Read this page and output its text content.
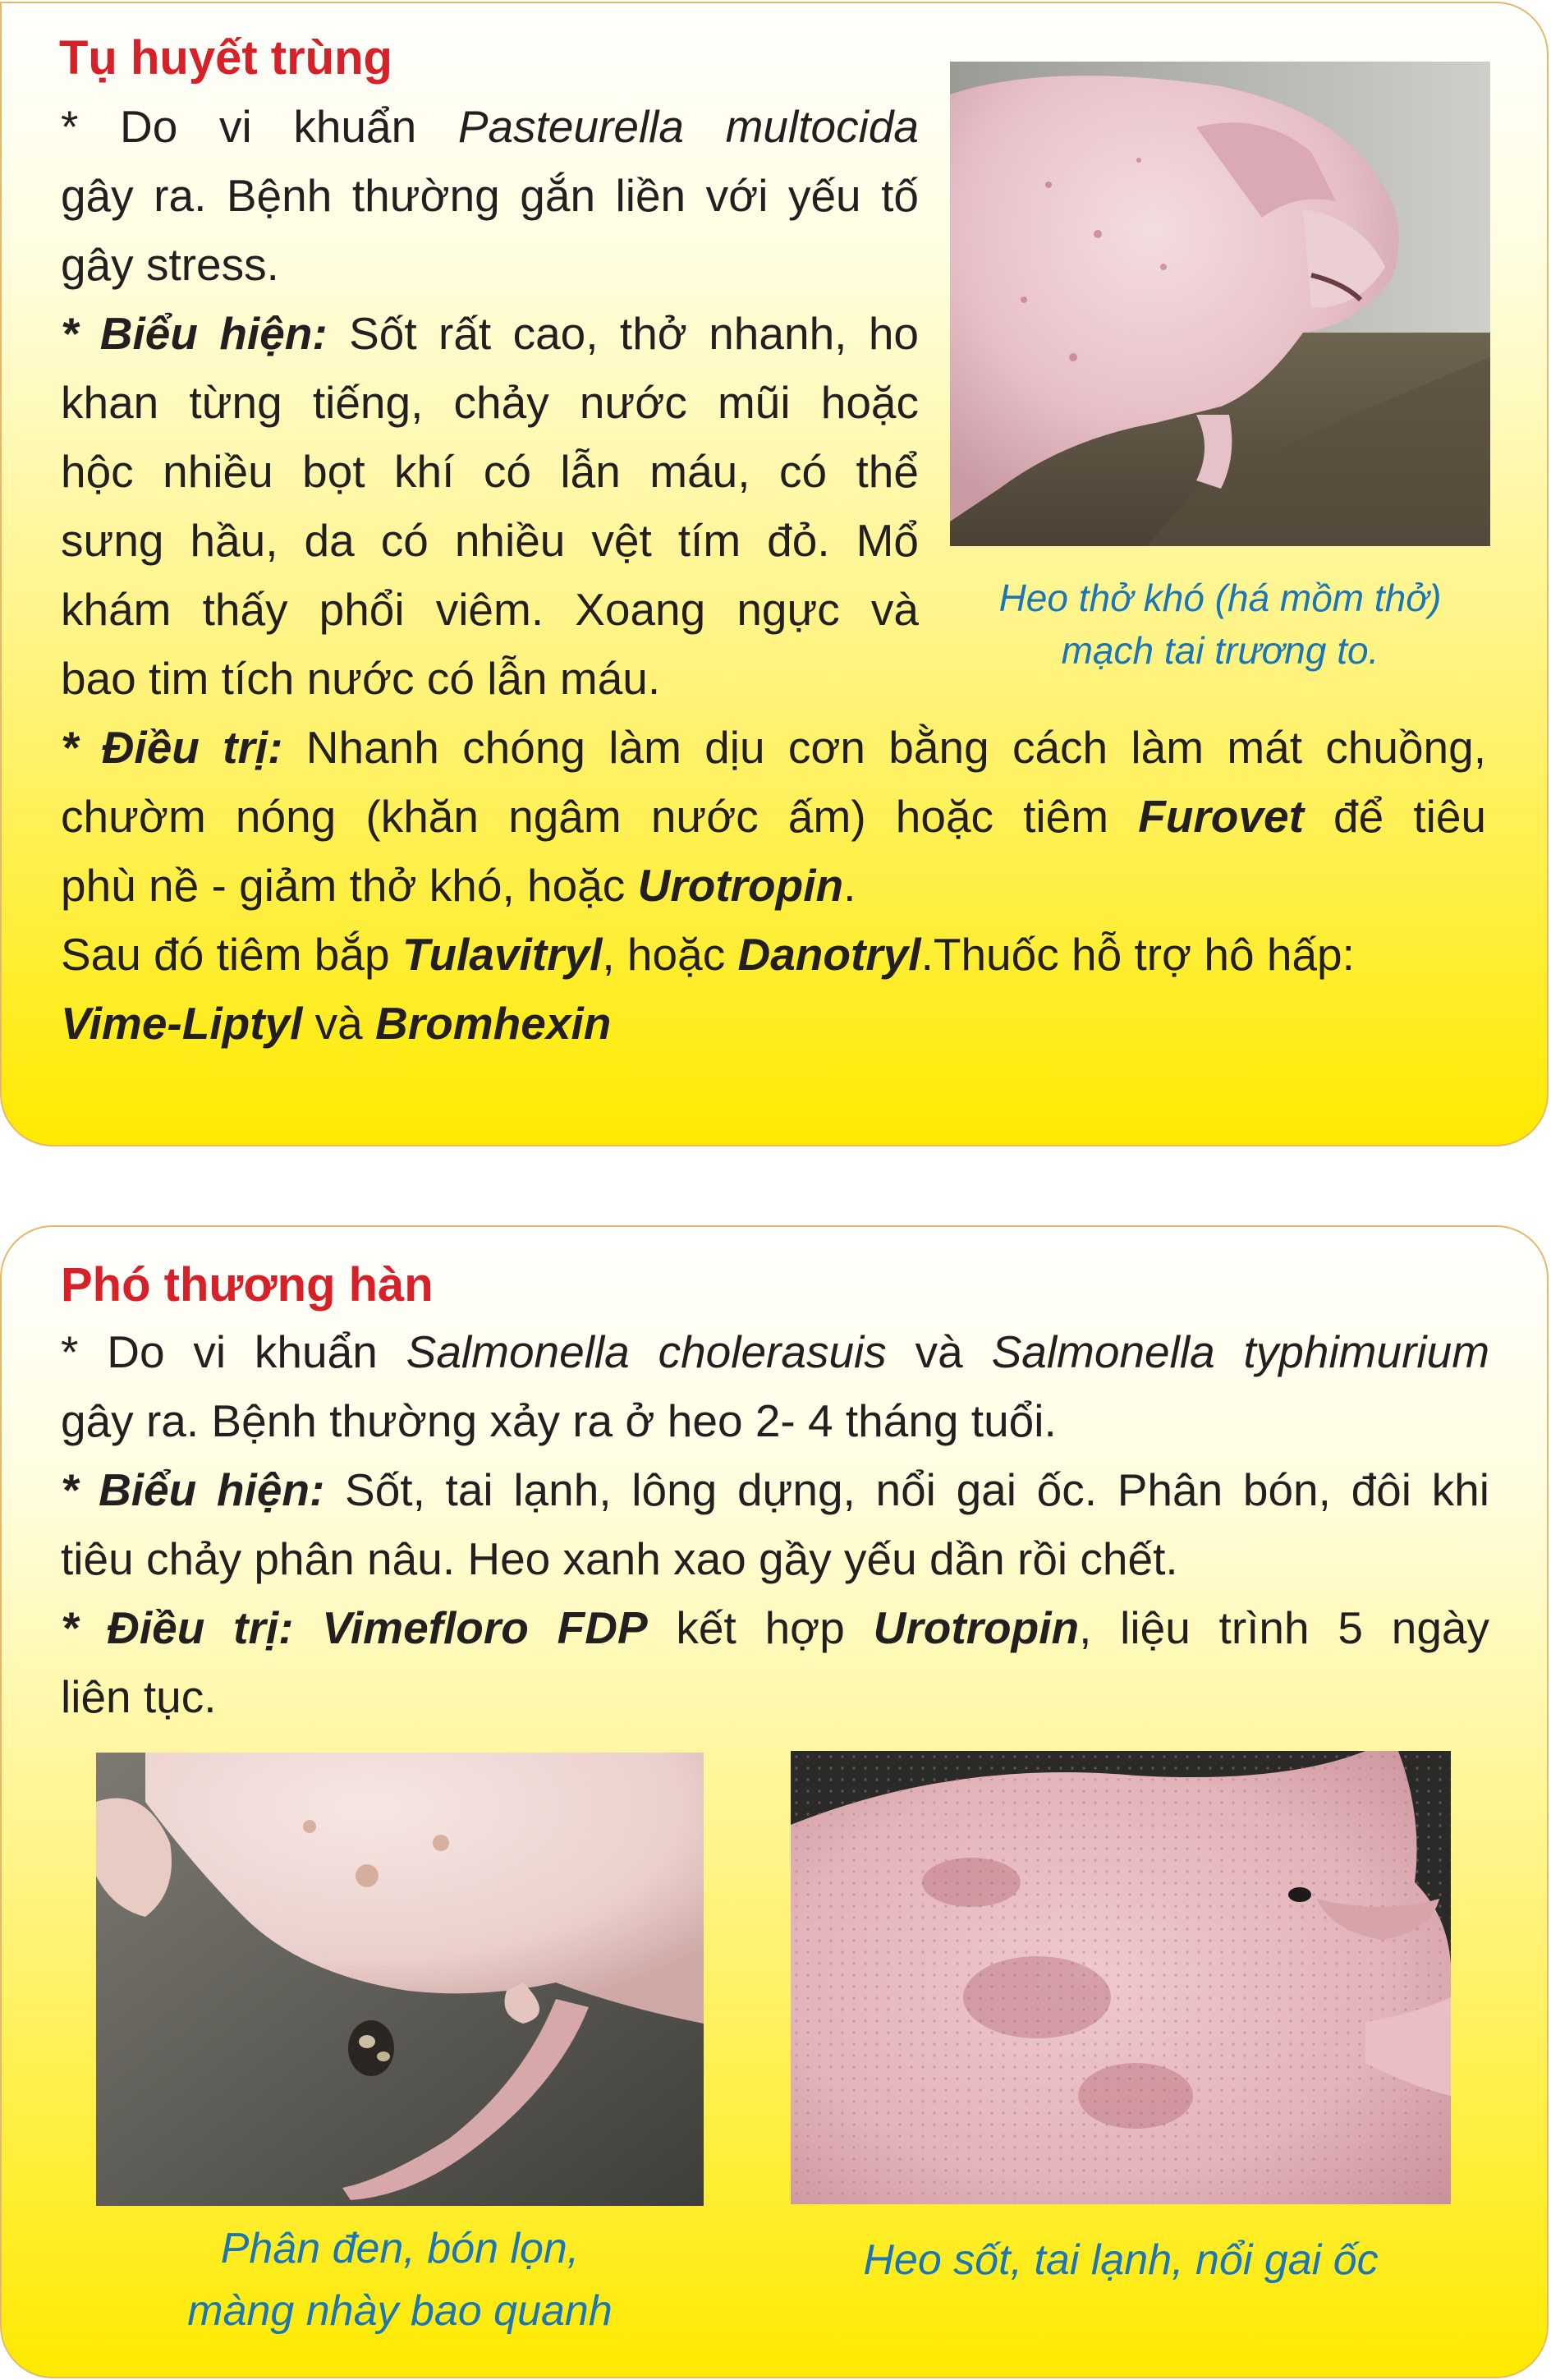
Tụ huyết trùng
* Do vi khuẩn Pasteurella multocida
gây ra. Bệnh thường gắn liền với yếu tố
gây stress.
* Biểu hiện: Sốt rất cao, thở nhanh, ho
khan từng tiếng, chảy nước mũi hoặc
hộc nhiều bọt khí có lẫn máu, có thể
sưng hầu, da có nhiều vệt tím đỏ. Mổ
khám thấy phổi viêm. Xoang ngực và
bao tim tích nước có lẫn máu.
* Điều trị: Nhanh chóng làm dịu cơn bằng cách làm mát chuồng,
chườm nóng (khăn ngâm nước ấm) hoặc tiêm Furovet để tiêu
phù nề - giảm thở khó, hoặc Urotropin.
Sau đó tiêm bắp Tulavitryl, hoặc Danotryl.Thuốc hỗ trợ hô hấp:
Vime-Liptyl và Bromhexin
Heo thở khó (há mồm thở)
mạch tai trương to.
Phó thương hàn
* Do vi khuẩn Salmonella cholerasuis và Salmonella typhimurium
gây ra. Bệnh thường xảy ra ở heo 2- 4 tháng tuổi.
* Biểu hiện: Sốt, tai lạnh, lông dựng, nổi gai ốc. Phân bón, đôi khi
tiêu chảy phân nâu. Heo xanh xao gầy yếu dần rồi chết.
* Điều trị: Vimefloro FDP kết hợp Urotropin, liệu trình 5 ngày
liên tục.
Phân đen, bón lọn,
màng nhày bao quanh
Heo sốt, tai lạnh, nổi gai ốc
